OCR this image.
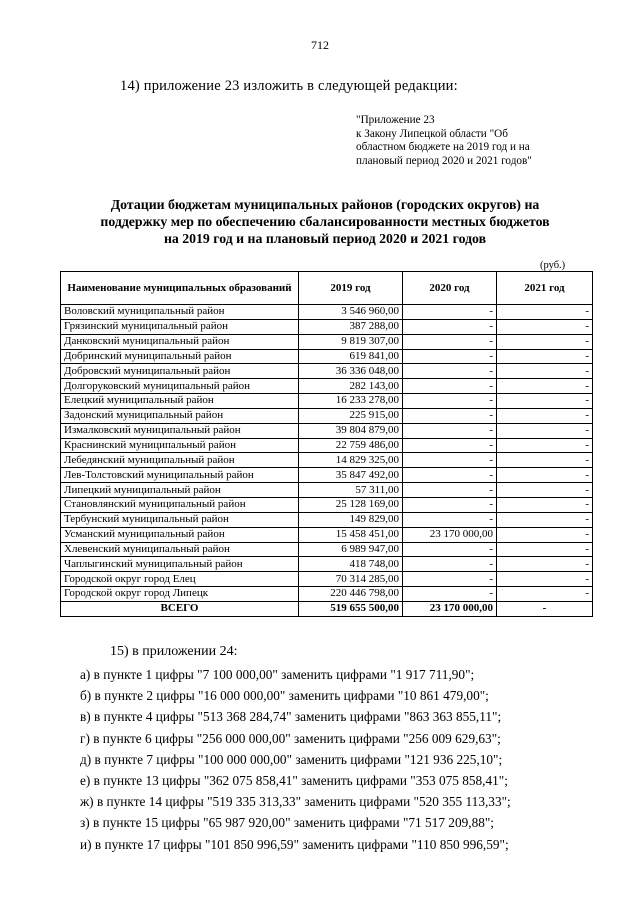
712
14) приложение 23 изложить в следующей редакции:
"Приложение 23
к Закону Липецкой области "Об
областном бюджете на 2019 год и на
плановый период 2020 и 2021 годов"
Дотации бюджетам муниципальных районов (городских округов) на
поддержку мер по обеспечению сбалансированности местных бюджетов
на 2019 год и на плановый период 2020 и 2021 годов
(руб.)
Наименование муниципальных образований	2019 год	2020 год	2021 год
Воловский муниципальный район	3 546 960,00	-	-
Грязинский муниципальный район	387 288,00	-	-
Данковский муниципальный район	9 819 307,00	-	-
Добринский муниципальный район	619 841,00	-	-
Добровский муниципальный район	36 336 048,00	-	-
Долгоруковский муниципальный район	282 143,00	-	-
Елецкий муниципальный район	16 233 278,00	-	-
Задонский муниципальный район	225 915,00	-	-
Измалковский муниципальный район	39 804 879,00	-	-
Краснинский муниципальный район	22 759 486,00	-	-
Лебедянский муниципальный район	14 829 325,00	-	-
Лев-Толстовский муниципальный район	35 847 492,00	-	-
Липецкий муниципальный район	57 311,00	-	-
Становлянский муниципальный район	25 128 169,00	-	-
Тербунский муниципальный район	149 829,00	-	-
Усманский муниципальный район	15 458 451,00	23 170 000,00	-
Хлевенский муниципальный район	6 989 947,00	-	-
Чаплыгинский муниципальный район	418 748,00	-	-
Городской округ город Елец	70 314 285,00	-	-
Городской округ город Липецк	220 446 798,00	-	-
ВСЕГО	519 655 500,00	23 170 000,00	-
15) в приложении 24:
а) в пункте 1 цифры "7 100 000,00" заменить цифрами "1 917 711,90";
б) в пункте 2 цифры "16 000 000,00" заменить цифрами "10 861 479,00";
в) в пункте 4 цифры "513 368 284,74" заменить цифрами "863 363 855,11";
г) в пункте 6 цифры "256 000 000,00" заменить цифрами "256 009 629,63";
д) в пункте 7 цифры "100 000 000,00" заменить цифрами "121 936 225,10";
е) в пункте 13 цифры "362 075 858,41" заменить цифрами "353 075 858,41";
ж) в пункте 14 цифры "519 335 313,33" заменить цифрами "520 355 113,33";
з) в пункте 15 цифры "65 987 920,00" заменить цифрами "71 517 209,88";
и) в пункте 17 цифры "101 850 996,59" заменить цифрами "110 850 996,59";
